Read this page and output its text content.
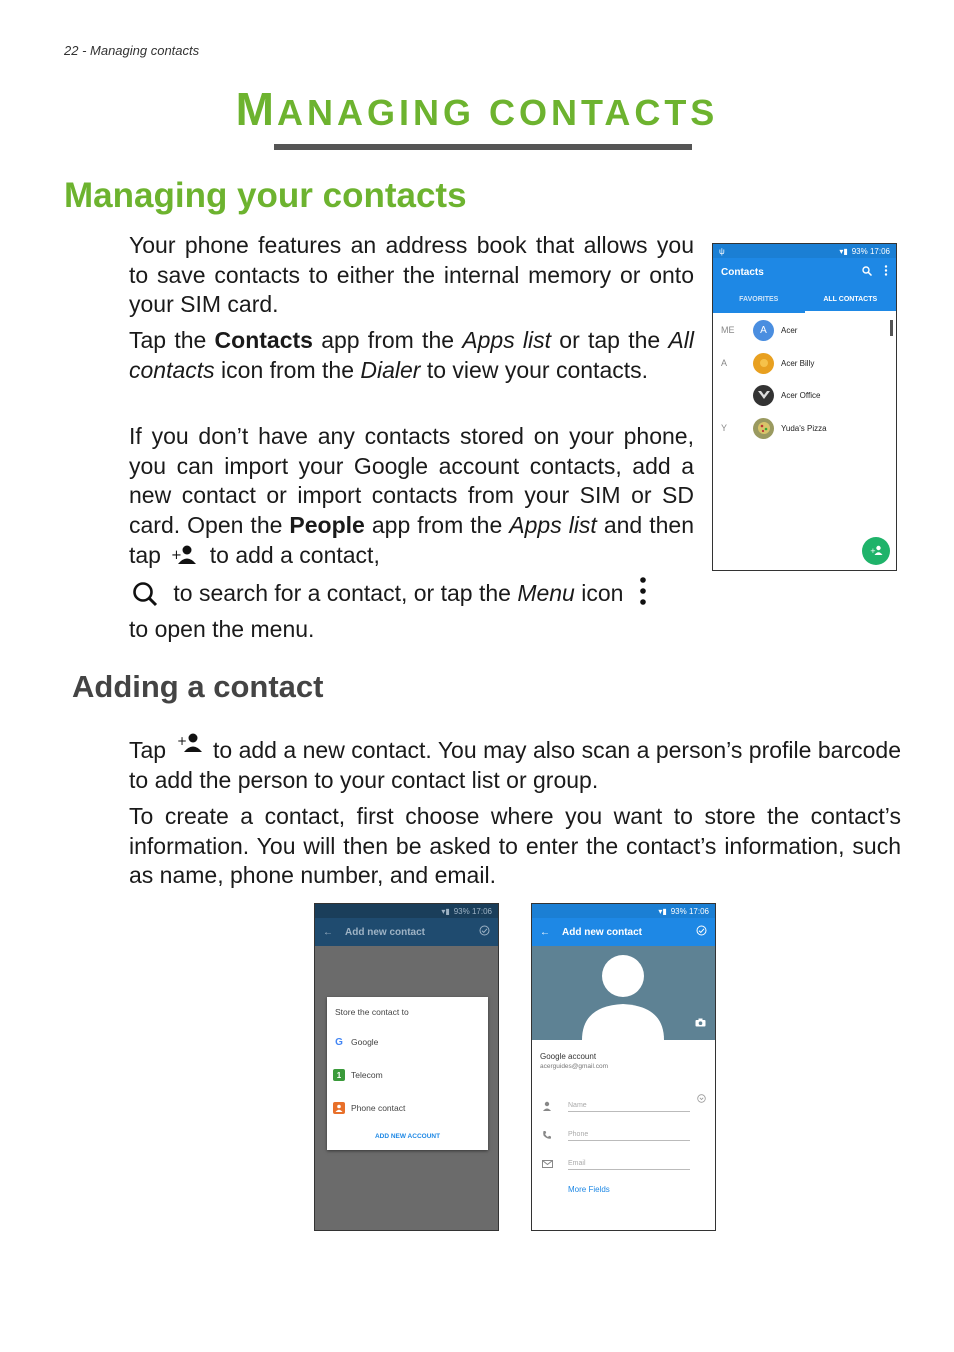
22 - Managing contacts
MANAGING CONTACTS
Managing your contacts
Your phone features an address book that allows you to save contacts to either the internal memory or onto your SIM card.
Tap the Contacts app from the Apps list or tap the All contacts icon from the Dialer to view your contacts.
If you don’t have any contacts stored on your phone, you can import your Google account contacts, add a new contact or import contacts from your SIM or SD card. Open the People app from the Apps list and then tap + to add a contact,
to search for a contact, or tap the Menu icon
to open the menu.
ψ	▾▮ 93% 17:06
Contacts
FAVORITES	ALL CONTACTS
ME	A	Acer
A	Acer Billy
Acer Office
Y	Yuda's Pizza
+
Adding a contact
Tap + to add a new contact. You may also scan a person’s profile barcode to add the person to your contact list or group.
To create a contact, first choose where you want to store the contact’s information. You will then be asked to enter the contact’s information, such as name, phone number, and email.
▾▮ 93% 17:06
← Add new contact
Store the contact to
G Google
1	Telecom
Phone contact
ADD NEW ACCOUNT
▾▮ 93% 17:06
← Add new contact
Google account
acerguides@gmail.com
Name
Phone
Email
More Fields
